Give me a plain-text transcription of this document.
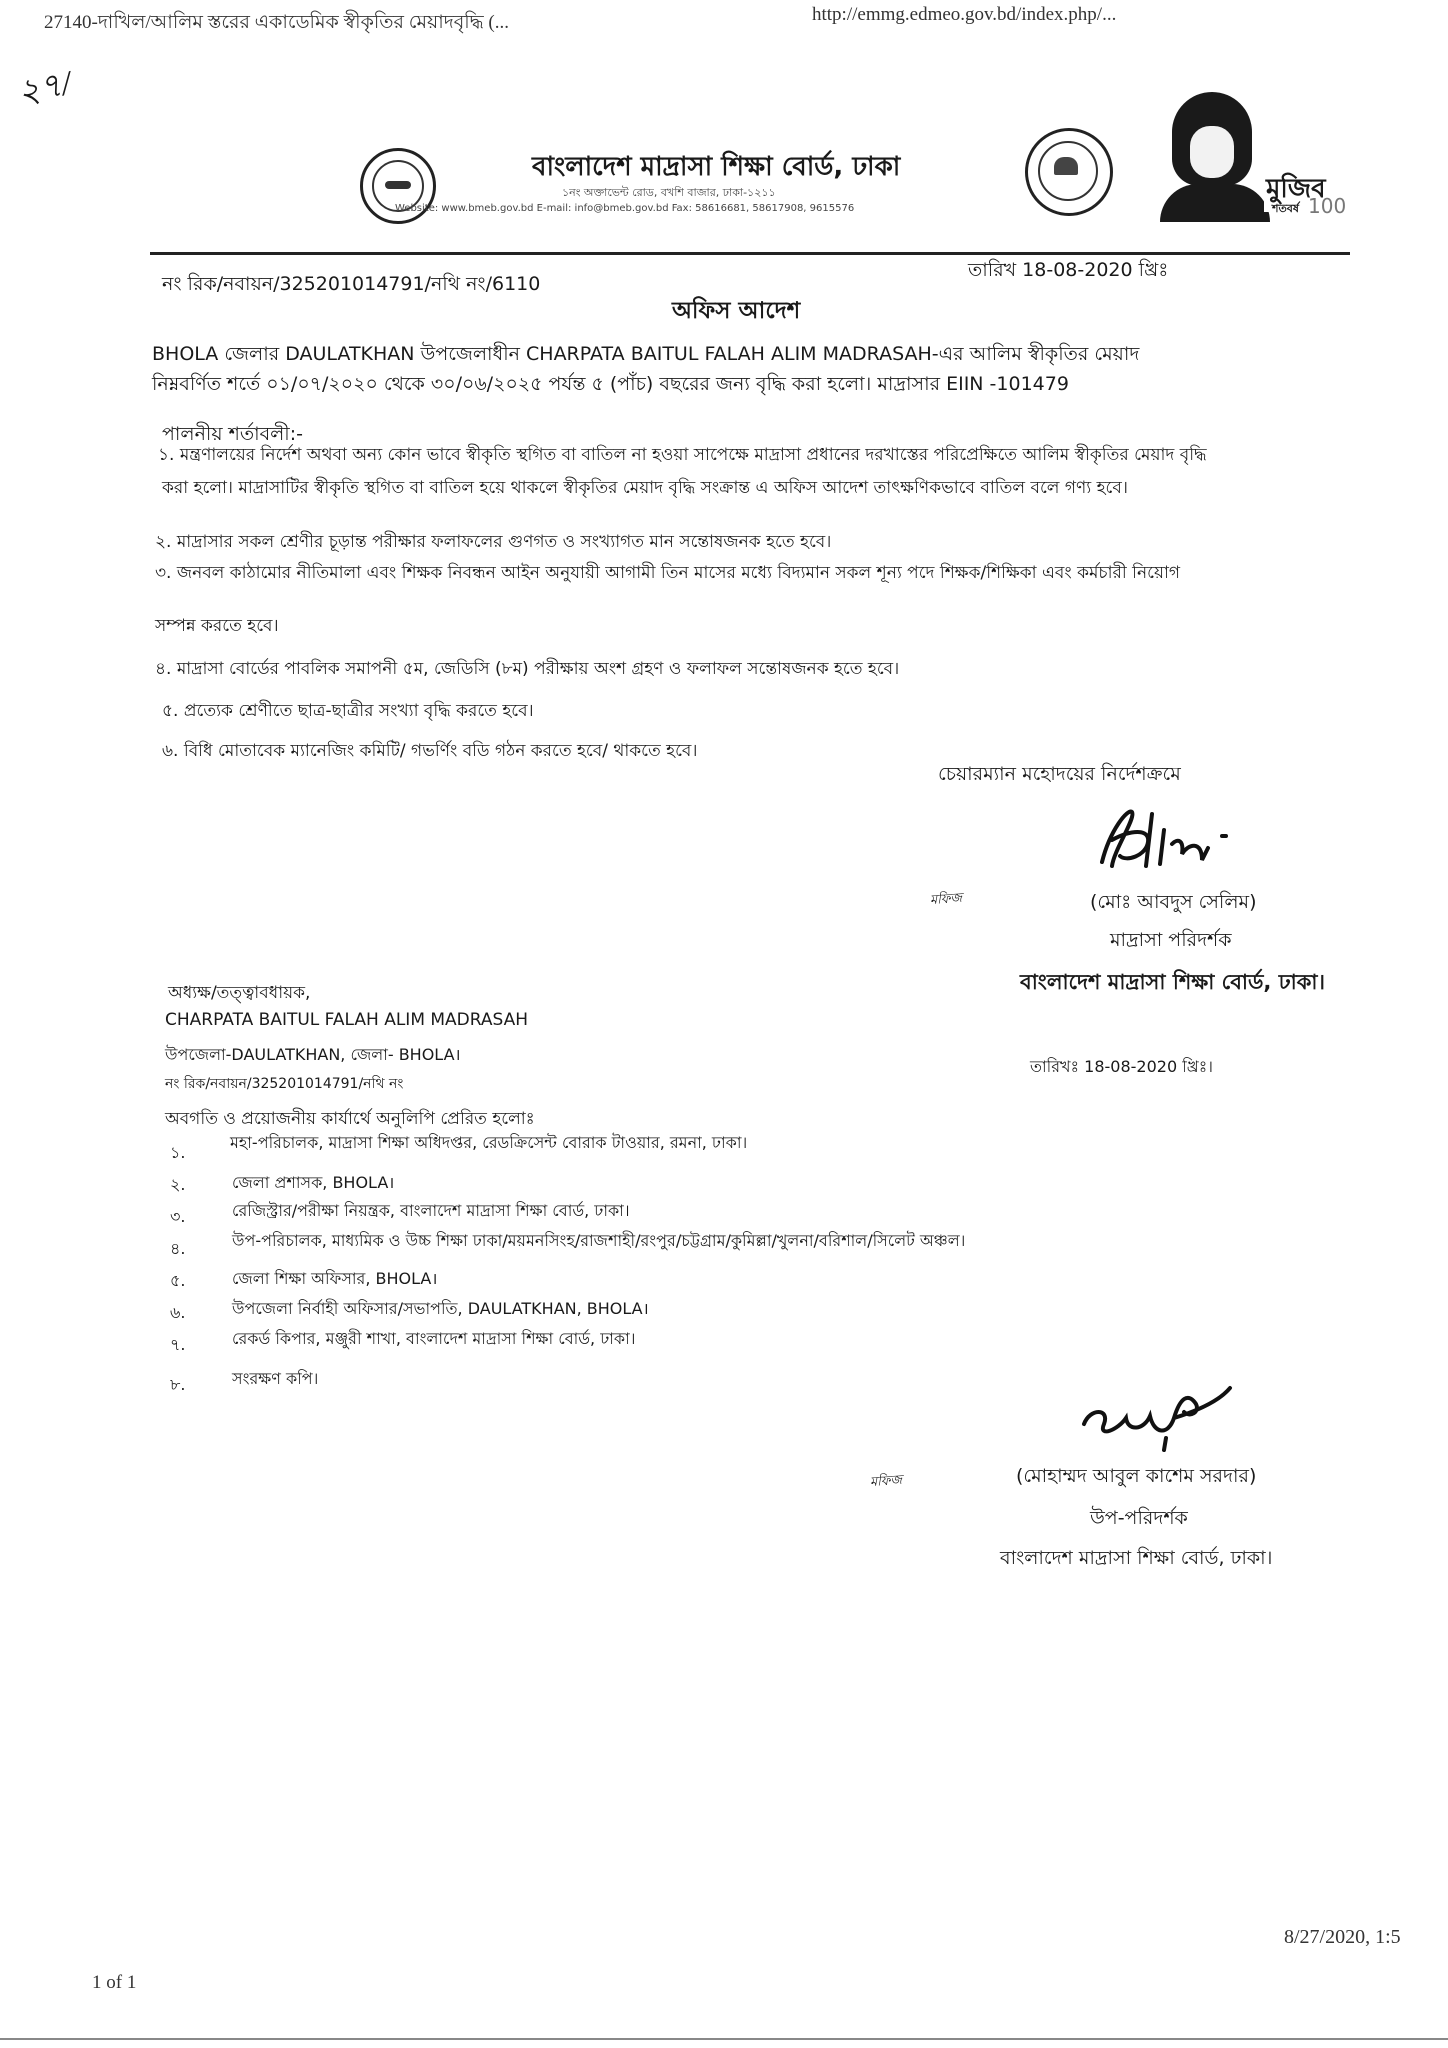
27140-দাখিল/আলিম স্তরের একাডেমিক স্বীকৃতির মেয়াদবৃদ্ধি (...	http://emmg.edmeo.gov.bd/index.php/...
২৭/
বাংলাদেশ মাদ্রাসা শিক্ষা বোর্ড, ঢাকা
১নং অক্তাভেন্ট রোড, বখশি বাজার, ঢাকা-১২১১
Website: www.bmeb.gov.bd E-mail: info@bmeb.gov.bd Fax: 58616681, 58617908, 9615576
মুজিব
শতবর্ষ 100
নং রিক/নবায়ন/325201014791/নথি নং/6110
তারিখ 18-08-2020 খ্রিঃ
অফিস আদেশ
BHOLA জেলার DAULATKHAN উপজেলাধীন CHARPATA BAITUL FALAH ALIM MADRASAH-এর আলিম স্বীকৃতির মেয়াদ
নিম্নবর্ণিত শর্তে ০১/০৭/২০২০ থেকে ৩০/০৬/২০২৫ পর্যন্ত ৫ (পাঁচ) বছরের জন্য বৃদ্ধি করা হলো। মাদ্রাসার EIIN -101479
পালনীয় শর্তাবলী:-
১. মন্ত্রণালয়ের নির্দেশ অথবা অন্য কোন ভাবে স্বীকৃতি স্থগিত বা বাতিল না হওয়া সাপেক্ষে মাদ্রাসা প্রধানের দরখাস্তের পরিপ্রেক্ষিতে আলিম স্বীকৃতির মেয়াদ বৃদ্ধি
করা হলো। মাদ্রাসাটির স্বীকৃতি স্থগিত বা বাতিল হয়ে থাকলে স্বীকৃতির মেয়াদ বৃদ্ধি সংক্রান্ত এ অফিস আদেশ তাৎক্ষণিকভাবে বাতিল বলে গণ্য হবে।
২. মাদ্রাসার সকল শ্রেণীর চূড়ান্ত পরীক্ষার ফলাফলের গুণগত ও সংখ্যাগত মান সন্তোষজনক হতে হবে।
৩. জনবল কাঠামোর নীতিমালা এবং শিক্ষক নিবন্ধন আইন অনুযায়ী আগামী তিন মাসের মধ্যে বিদ্যমান সকল শূন্য পদে শিক্ষক/শিক্ষিকা এবং কর্মচারী নিয়োগ
সম্পন্ন করতে হবে।
৪. মাদ্রাসা বোর্ডের পাবলিক সমাপনী ৫ম, জেডিসি (৮ম) পরীক্ষায় অংশ গ্রহণ ও ফলাফল সন্তোষজনক হতে হবে।
৫. প্রত্যেক শ্রেণীতে ছাত্র-ছাত্রীর সংখ্যা বৃদ্ধি করতে হবে।
৬. বিধি মোতাবেক ম্যানেজিং কমিটি/ গভর্ণিং বডি গঠন করতে হবে/ থাকতে হবে।
চেয়ারম্যান মহোদয়ের নির্দেশক্রমে
মফিজ	(মোঃ আবদুস সেলিম)
মাদ্রাসা পরিদর্শক
বাংলাদেশ মাদ্রাসা শিক্ষা বোর্ড, ঢাকা।
অধ্যক্ষ/তত্ত্বাবধায়ক,
CHARPATA BAITUL FALAH ALIM MADRASAH
উপজেলা-DAULATKHAN, জেলা- BHOLA।
নং রিক/নবায়ন/325201014791/নথি নং
তারিখঃ 18-08-2020 খ্রিঃ।
অবগতি ও প্রয়োজনীয় কার্যার্থে অনুলিপি প্রেরিত হলোঃ
১.
মহা-পরিচালক, মাদ্রাসা শিক্ষা অধিদপ্তর, রেডক্রিসেন্ট বোরাক টাওয়ার, রমনা, ঢাকা।
২.	জেলা প্রশাসক, BHOLA।
৩.	রেজিস্ট্রার/পরীক্ষা নিয়ন্ত্রক, বাংলাদেশ মাদ্রাসা শিক্ষা বোর্ড, ঢাকা।
৪.	উপ-পরিচালক, মাধ্যমিক ও উচ্চ শিক্ষা ঢাকা/ময়মনসিংহ/রাজশাহী/রংপুর/চট্টগ্রাম/কুমিল্লা/খুলনা/বরিশাল/সিলেট অঞ্চল।
৫.	জেলা শিক্ষা অফিসার, BHOLA।
৬.	উপজেলা নির্বাহী অফিসার/সভাপতি, DAULATKHAN, BHOLA।
৭.	রেকর্ড কিপার, মঞ্জুরী শাখা, বাংলাদেশ মাদ্রাসা শিক্ষা বোর্ড, ঢাকা।
৮.	সংরক্ষণ কপি।
মফিজ	(মোহাম্মদ আবুল কাশেম সরদার)
উপ-পরিদর্শক
বাংলাদেশ মাদ্রাসা শিক্ষা বোর্ড, ঢাকা।
1 of 1
8/27/2020, 1:5
